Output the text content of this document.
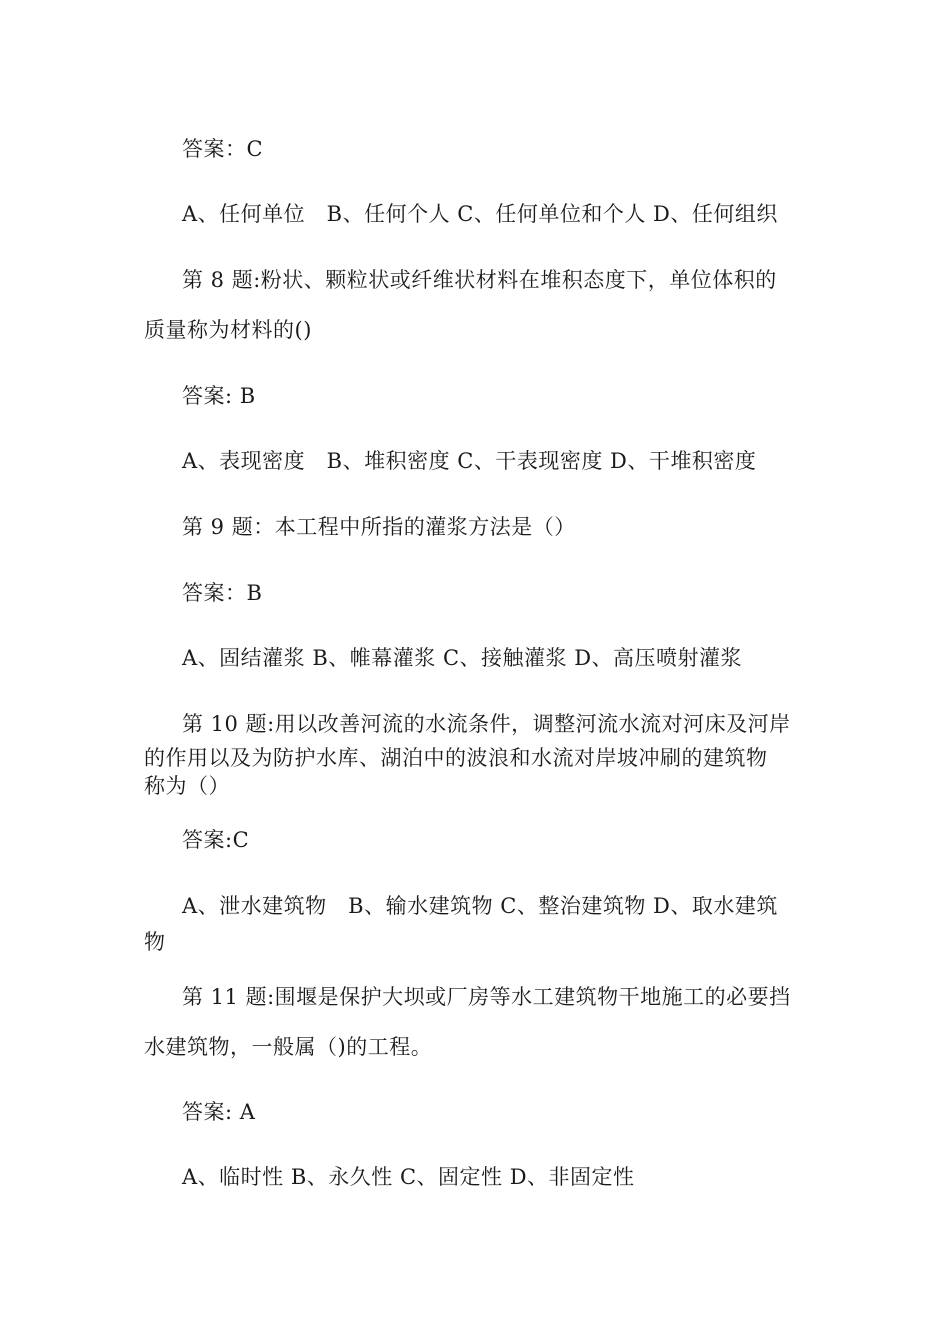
答案：C
A、任何单位　B、任何个人 C、任何单位和个人 D、任何组织
第 8 题:粉状、颗粒状或纤维状材料在堆积态度下，单位体积的
质量称为材料的()
答案: B
A、表现密度　B、堆积密度 C、干表现密度 D、干堆积密度
第 9 题：本工程中所指的灌浆方法是（）
答案：B
A、固结灌浆 B、帷幕灌浆 C、接触灌浆 D、高压喷射灌浆
第 10 题:用以改善河流的水流条件，调整河流水流对河床及河岸
的作用以及为防护水库、湖泊中的波浪和水流对岸坡冲刷的建筑物
称为（）
答案:C
A、泄水建筑物　B、输水建筑物 C、整治建筑物 D、取水建筑
物
第 11 题:围堰是保护大坝或厂房等水工建筑物干地施工的必要挡
水建筑物，一般属（)的工程。
答案: A
A、临时性 B、永久性 C、固定性 D、非固定性
